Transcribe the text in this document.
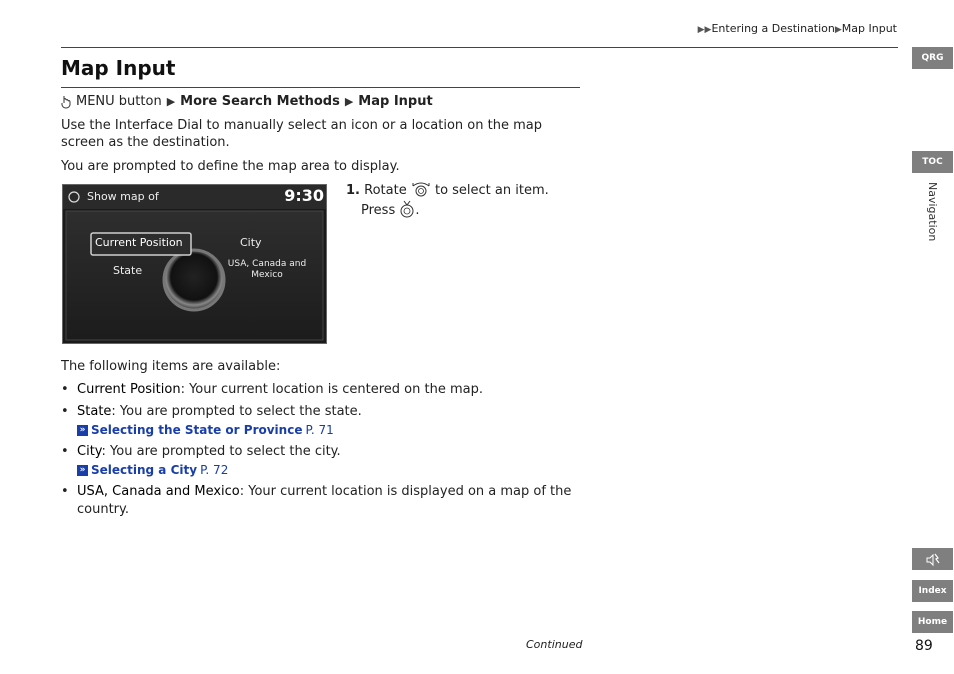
▶▶Entering a Destination▶Map Input
Map Input
MENU button ▶ More Search Methods ▶ Map Input
Use the Interface Dial to manually select an icon or a location on the map screen as the destination.
You are prompted to define the map area to display.
Show map of	9:30
Current Position	City
State	USA, Canada and Mexico
1. Rotate to select an item.
Press .
The following items are available:
• Current Position: Your current location is centered on the map.
• State: You are prompted to select the state.
» Selecting the State or Province P. 71
• City: You are prompted to select the city.
» Selecting a City P. 72
• USA, Canada and Mexico: Your current location is displayed on a map of the country.
QRG
TOC
Navigation
Index
Home
Continued	89
